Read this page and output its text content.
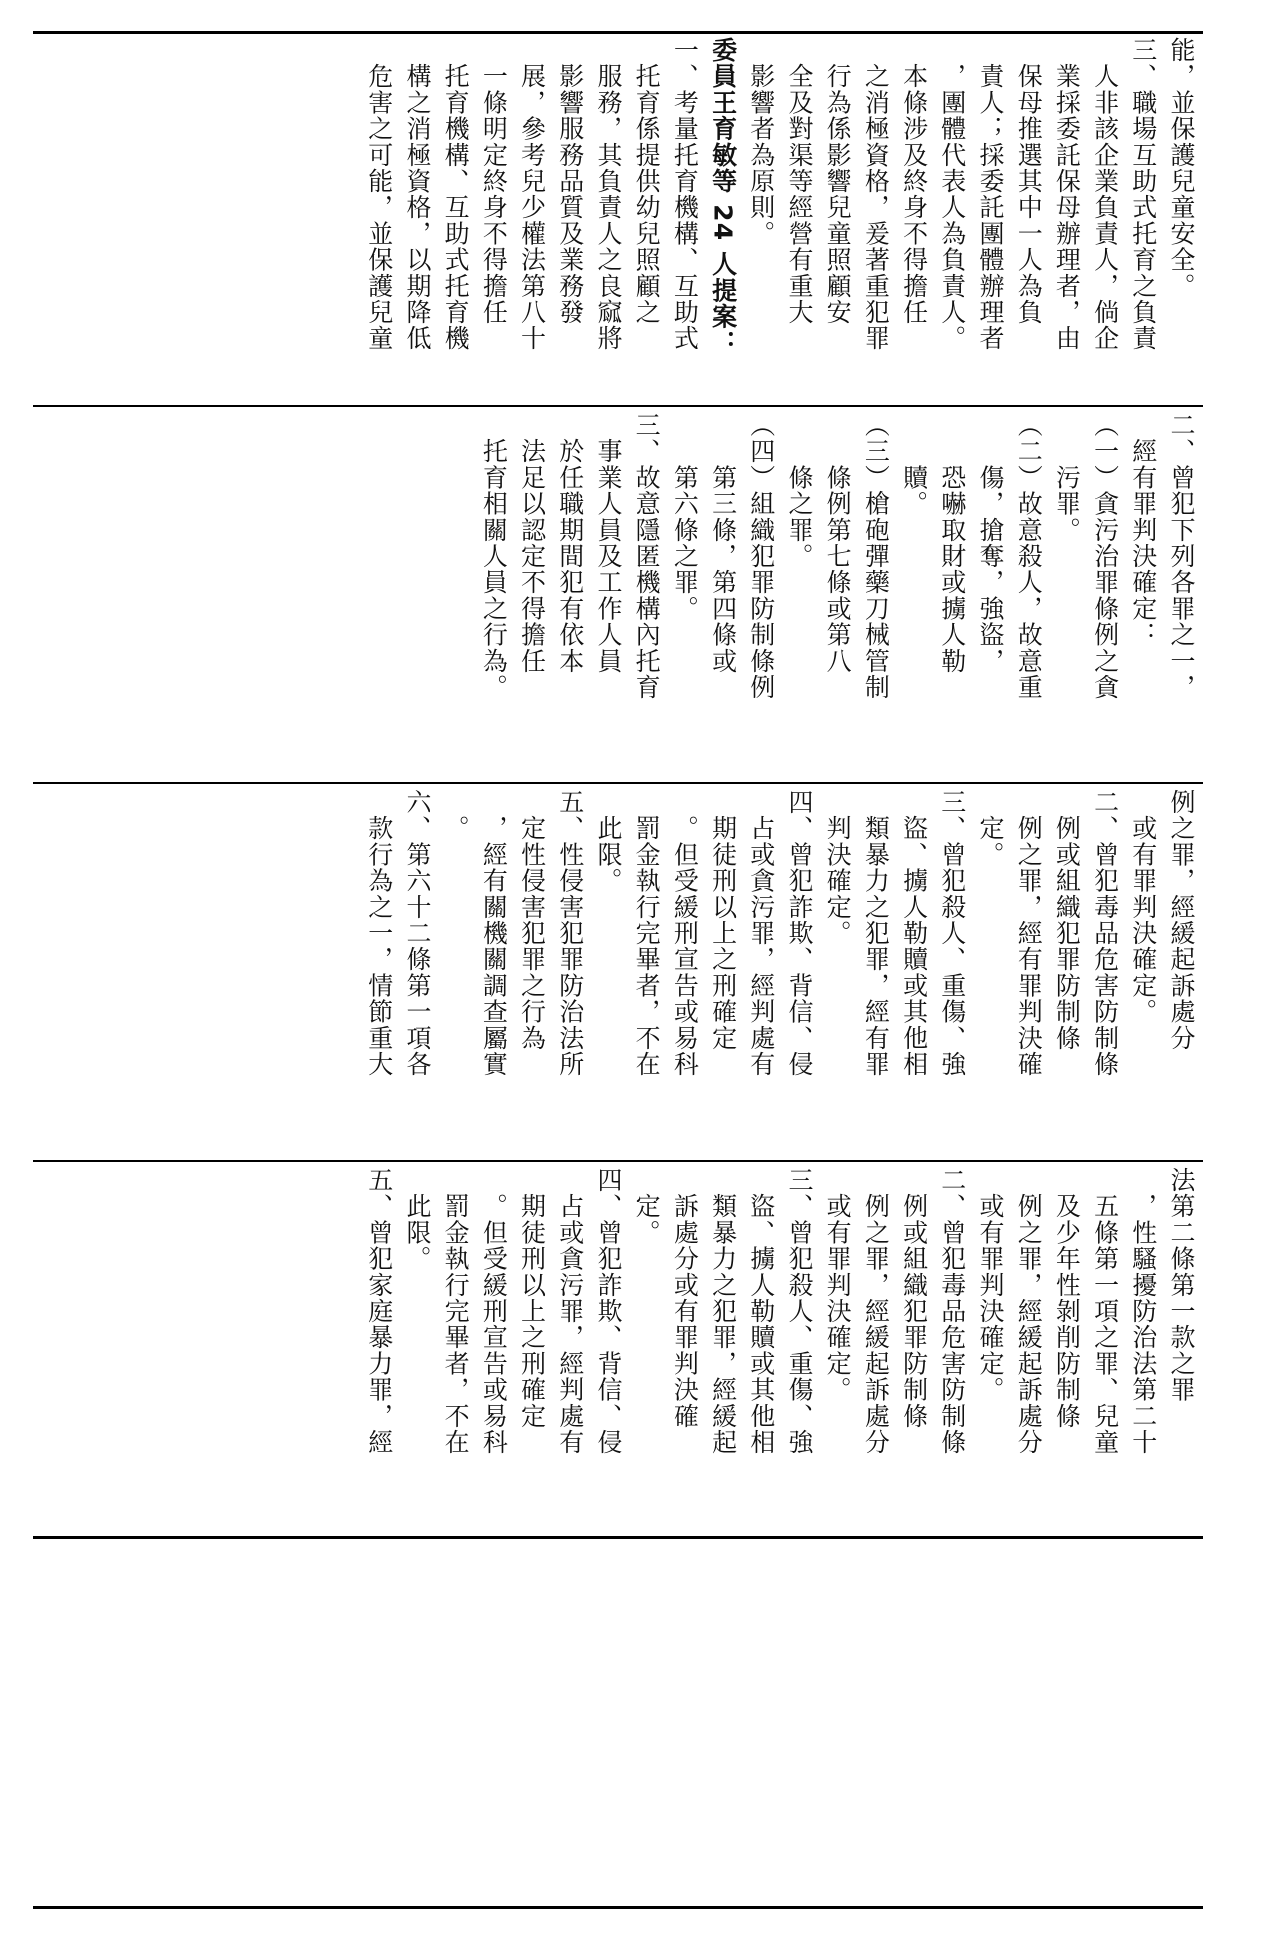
能，並保護兒童安全。
三、職場互助式托育之負責
　人非該企業負責人，倘企
　業採委託保母辦理者，由
　保母推選其中一人為負
　責人；採委託團體辦理者
　，團體代表人為負責人。
　本條涉及終身不得擔任
　之消極資格，爰著重犯罪
　行為係影響兒童照顧安
　全及對渠等經營有重大
　影響者為原則。
委員王育敏等 24 人提案：
一、考量托育機構、互助式
　托育係提供幼兒照顧之
　服務，其負責人之良窳將
　影響服務品質及業務發
　展，參考兒少權法第八十
　一條明定終身不得擔任
　托育機構、互助式托育機
　構之消極資格，以期降低
　危害之可能，並保護兒童
二、曾犯下列各罪之一，
　經有罪判決確定：
（一）貪污治罪條例之貪
　　污罪。
（二）故意殺人，故意重
　　傷，搶奪，強盜，
　　恐嚇取財或擄人勒
　　贖。
（三）槍砲彈藥刀械管制
　　條例第七條或第八
　　條之罪。
（四）組織犯罪防制條例
　　第三條，第四條或
　　第六條之罪。
三、故意隱匿機構內托育
　事業人員及工作人員
　於任職期間犯有依本
　法足以認定不得擔任
　托育相關人員之行為。
例之罪，經緩起訴處分
　或有罪判決確定。
二、曾犯毒品危害防制條
　例或組織犯罪防制條
　例之罪，經有罪判決確
　定。
三、曾犯殺人、重傷、強
　盜、擄人勒贖或其他相
　類暴力之犯罪，經有罪
　判決確定。
四、曾犯詐欺、背信、侵
　占或貪污罪，經判處有
　期徒刑以上之刑確定
　。但受緩刑宣告或易科
　罰金執行完畢者，不在
　此限。
五、性侵害犯罪防治法所
　定性侵害犯罪之行為
　，經有關機關調查屬實
　。
六、第六十二條第一項各
　款行為之一，情節重大
法第二條第一款之罪
　，性騷擾防治法第二十
　五條第一項之罪、兒童
　及少年性剝削防制條
　例之罪，經緩起訴處分
　或有罪判決確定。
二、曾犯毒品危害防制條
　例或組織犯罪防制條
　例之罪，經緩起訴處分
　或有罪判決確定。
三、曾犯殺人、重傷、強
　盜、擄人勒贖或其他相
　類暴力之犯罪，經緩起
　訴處分或有罪判決確
　定。
四、曾犯詐欺、背信、侵
　占或貪污罪，經判處有
　期徒刑以上之刑確定
　。但受緩刑宣告或易科
　罰金執行完畢者，不在
　此限。
五、曾犯家庭暴力罪，經
